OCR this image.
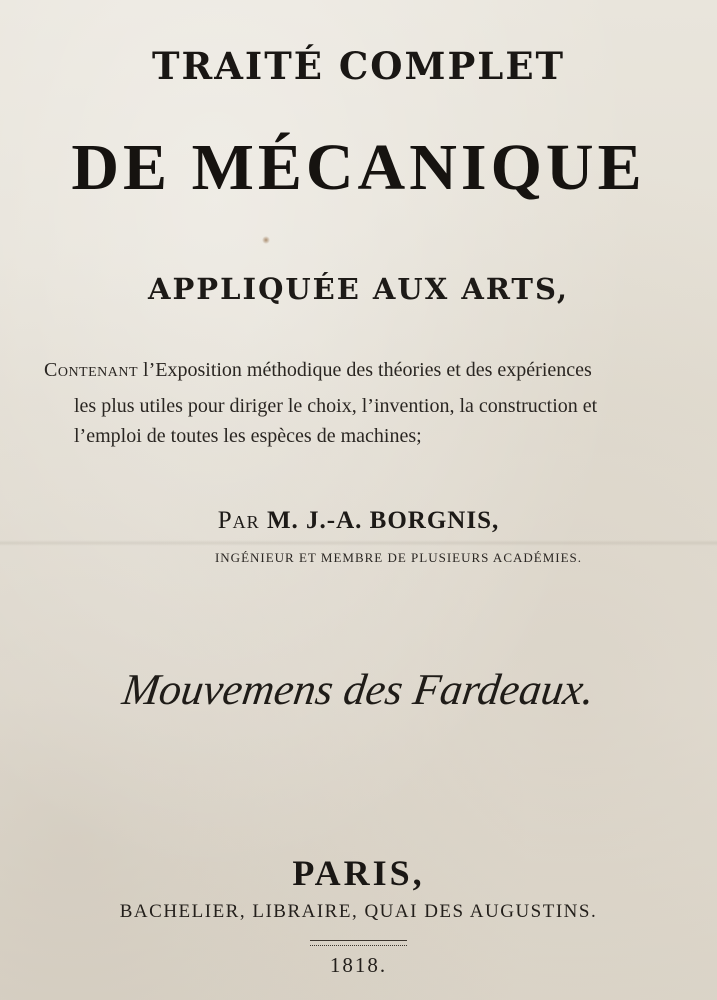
TRAITÉ COMPLET

DE MÉCANIQUE

APPLIQUÉE AUX ARTS,

Contenant l’Exposition méthodique des théories et des expériences

les plus utiles pour diriger le choix, l’invention, la construction et

l’emploi de toutes les espèces de machines;

Par M. J.-A. BORGNIS,

INGÉNIEUR ET MEMBRE DE PLUSIEURS ACADÉMIES.

Mouvemens des Fardeaux.

PARIS,

BACHELIER, LIBRAIRE, QUAI DES AUGUSTINS.

1818.
